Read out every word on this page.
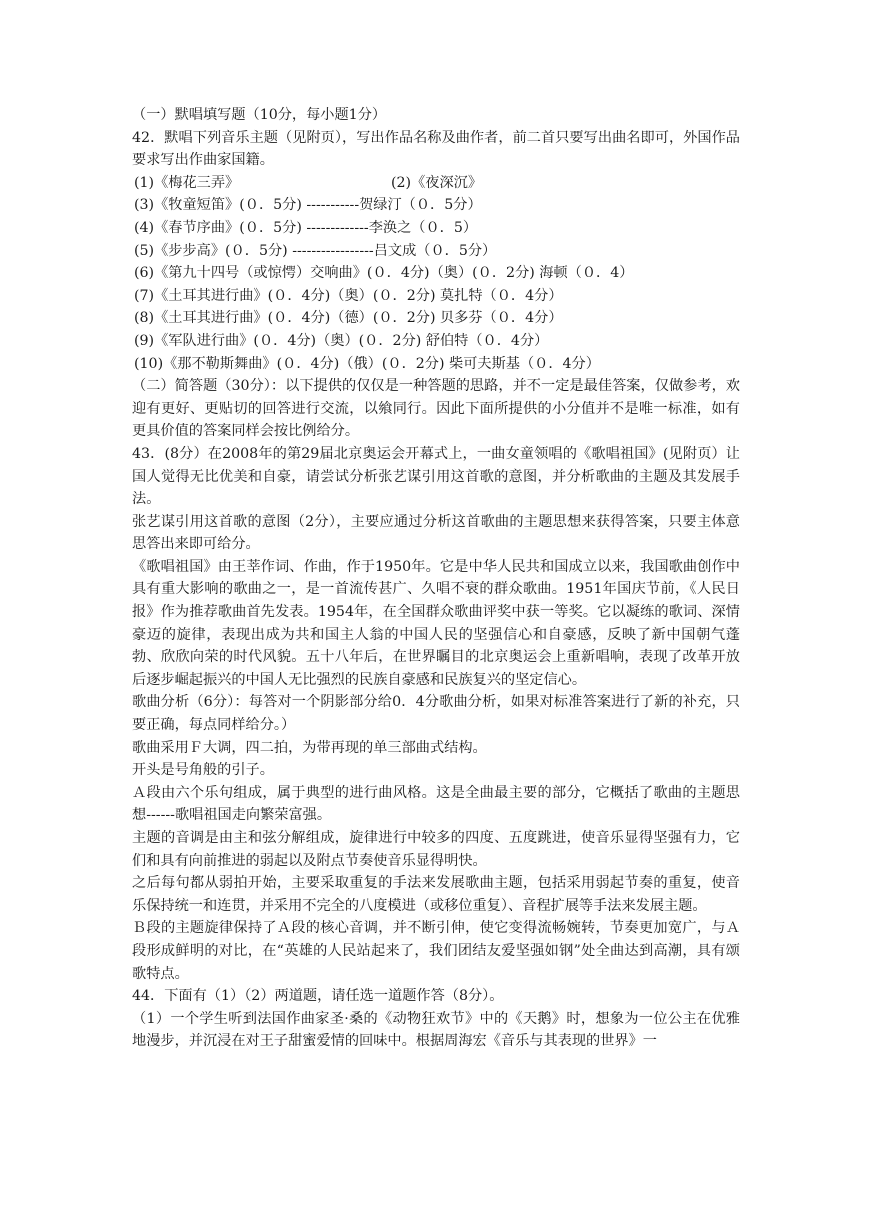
（一）默唱填写题（10分，每小题1分）
42．默唱下列音乐主题（见附页），写出作品名称及曲作者，前二首只要写出曲名即可，外国作品要求写出作曲家国籍。
(1)《梅花三弄》	(2)《夜深沉》
(3)《牧童短笛》(０．5分) -----------贺绿汀（０．5分）
(4)《春节序曲》(０．5分) -------------李涣之（０．5）
(5)《步步高》(０．5分) -----------------吕文成（０．5分）
(6)《第九十四号（或惊愕）交响曲》(０．4分)（奥）(０．2分) 海顿（０．4）
(7)《土耳其进行曲》(０．4分)（奥）(０．2分) 莫扎特（０．4分）
(8)《土耳其进行曲》(０．4分)（德）(０．2分) 贝多芬（０．4分）
(9)《军队进行曲》(０．4分)（奥）(０．2分) 舒伯特（０．4分）
(10)《那不勒斯舞曲》(０．4分)（俄）(０．2分) 柴可夫斯基（０．4分）
（二）简答题（30分）：以下提供的仅仅是一种答题的思路，并不一定是最佳答案，仅做参考，欢迎有更好、更贴切的回答进行交流，以飨同行。因此下面所提供的小分值并不是唯一标准，如有更具价值的答案同样会按比例给分。
43．(8分）在2008年的第29届北京奥运会开幕式上，一曲女童领唱的《歌唱祖国》(见附页）让国人觉得无比优美和自豪，请尝试分析张艺谋引用这首歌的意图，并分析歌曲的主题及其发展手法。
张艺谋引用这首歌的意图（2分），主要应通过分析这首歌曲的主题思想来获得答案，只要主体意思答出来即可给分。
《歌唱祖国》由王莘作词、作曲，作于1950年。它是中华人民共和国成立以来，我国歌曲创作中具有重大影响的歌曲之一，是一首流传甚广、久唱不衰的群众歌曲。1951年国庆节前，《人民日报》作为推荐歌曲首先发表。1954年，在全国群众歌曲评奖中获一等奖。它以凝练的歌词、深情豪迈的旋律，表现出成为共和国主人翁的中国人民的坚强信心和自豪感，反映了新中国朝气蓬勃、欣欣向荣的时代风貌。五十八年后，在世界瞩目的北京奥运会上重新唱响，表现了改革开放后逐步崛起振兴的中国人无比强烈的民族自豪感和民族复兴的坚定信心。
歌曲分析（6分）：每答对一个阴影部分给0．4分歌曲分析，如果对标准答案进行了新的补充，只要正确，每点同样给分。）
歌曲采用Ｆ大调，四二拍，为带再现的单三部曲式结构。
开头是号角般的引子。
Ａ段由六个乐句组成，属于典型的进行曲风格。这是全曲最主要的部分，它概括了歌曲的主题思想------歌唱祖国走向繁荣富强。
主题的音调是由主和弦分解组成，旋律进行中较多的四度、五度跳进，使音乐显得坚强有力，它们和具有向前推进的弱起以及附点节奏使音乐显得明快。
之后每句都从弱拍开始，主要采取重复的手法来发展歌曲主题，包括采用弱起节奏的重复，使音乐保持统一和连贯，并采用不完全的八度模进（或移位重复）、音程扩展等手法来发展主题。
Ｂ段的主题旋律保持了Ａ段的核心音调，并不断引伸，使它变得流畅婉转，节奏更加宽广，与Ａ段形成鲜明的对比，在“英雄的人民站起来了，我们团结友爱坚强如钢”处全曲达到高潮，具有颂歌特点。
44．下面有（1）（2）两道题，请任选一道题作答（8分）。
（1）一个学生听到法国作曲家圣·桑的《动物狂欢节》中的《天鹅》时，想象为一位公主在优雅地漫步，并沉浸在对王子甜蜜爱情的回味中。根据周海宏《音乐与其表现的世界》一
